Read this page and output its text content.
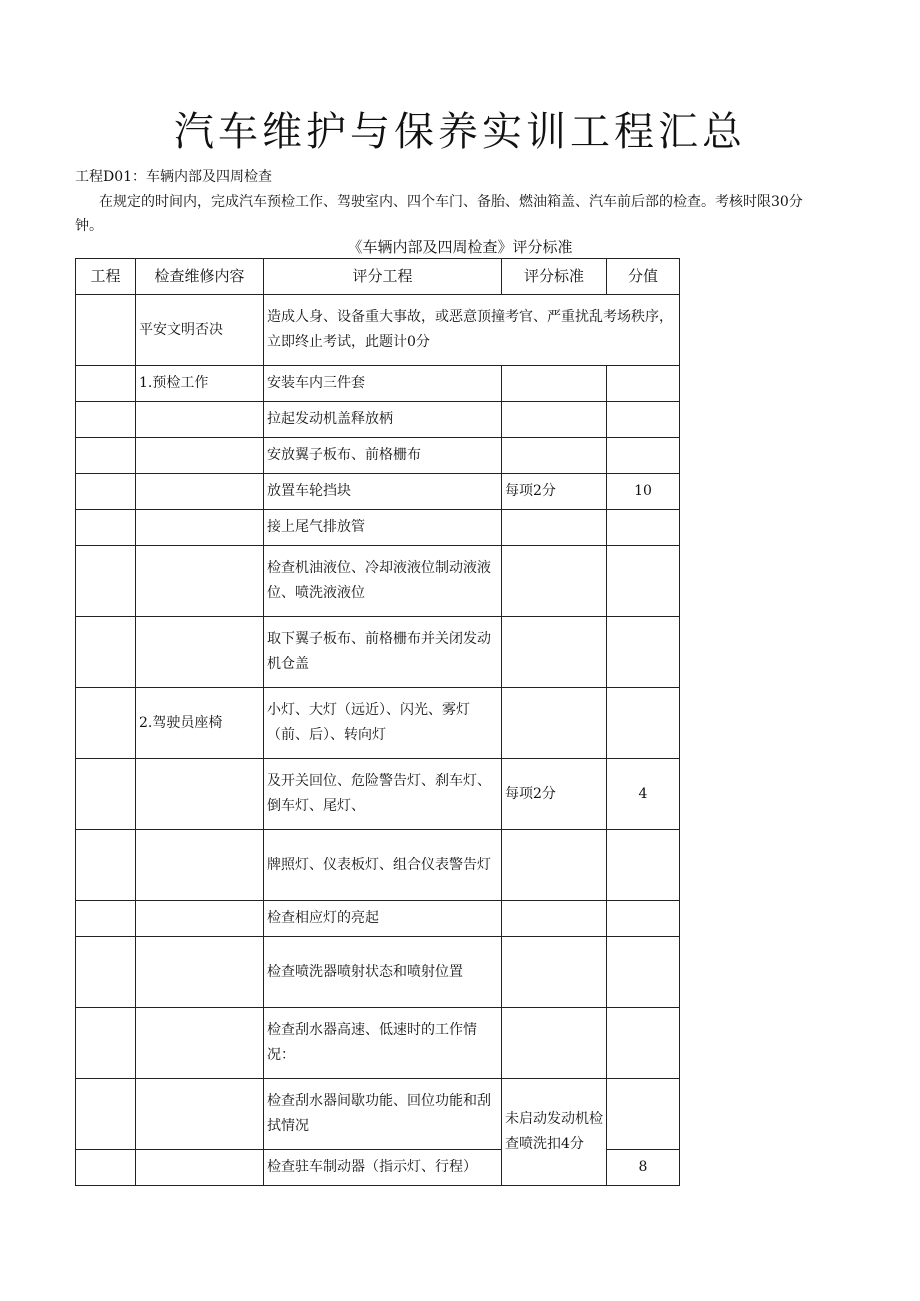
汽车维护与保养实训工程汇总
工程D01：车辆内部及四周检查
在规定的时间内，完成汽车预检工作、驾驶室内、四个车门、备胎、燃油箱盖、汽车前后部的检查。考核时限30分钟。
《车辆内部及四周检查》评分标准
工程	检查维修内容	评分工程	评分标准	分值
	平安文明否决	造成人身、设备重大事故，或恶意顶撞考官、严重扰乱考场秩序，立即终止考试，此题计0分		
	1.预检工作	安装车内三件套		
		拉起发动机盖释放柄		
		安放翼子板布、前格栅布		
		放置车轮挡块	每项2分	10
		接上尾气排放管		
		检查机油液位、冷却液液位制动液液位、喷洗液液位		
		取下翼子板布、前格栅布并关闭发动机仓盖		
	2.驾驶员座椅	小灯、大灯（远近）、闪光、雾灯（前、后）、转向灯		
		及开关回位、危险警告灯、刹车灯、倒车灯、尾灯、	每项2分	4
		牌照灯、仪表板灯、组合仪表警告灯		
		检查相应灯的亮起		
		检查喷洗器喷射状态和喷射位置		
		检查刮水器高速、低速时的工作情况：		
		检查刮水器间歇功能、回位功能和刮拭情况	未启动发动机检查喷洗扣4分	
		检查驻车制动器（指示灯、行程）		8
